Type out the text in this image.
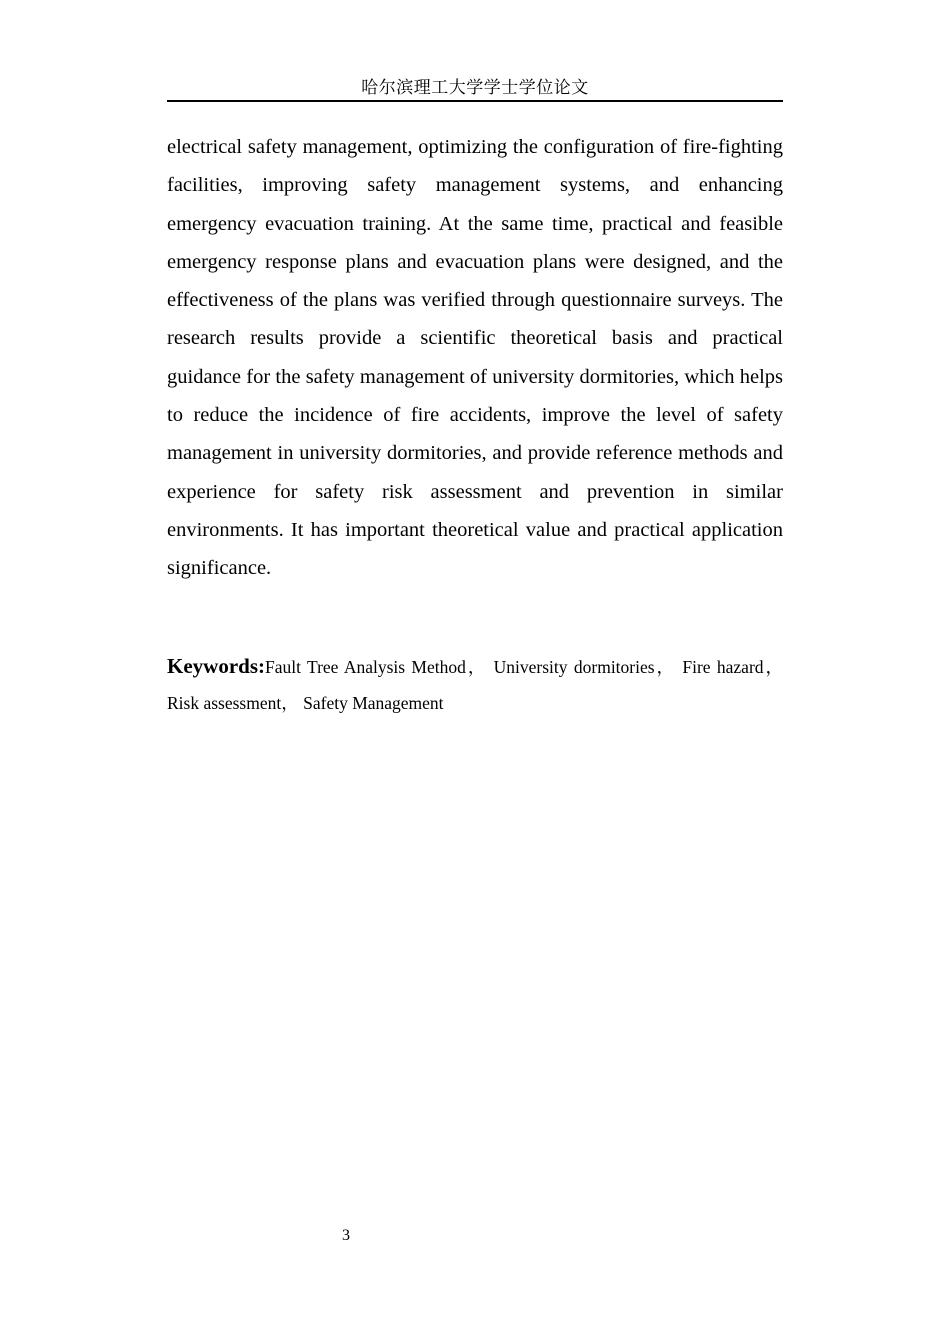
哈尔滨理工大学学士学位论文

electrical safety management, optimizing the configuration of fire-fighting facilities, improving safety management systems, and enhancing emergency evacuation training. At the same time, practical and feasible emergency response plans and evacuation plans were designed, and the effectiveness of the plans was verified through questionnaire surveys. The research results provide a scientific theoretical basis and practical guidance for the safety management of university dormitories, which helps to reduce the incidence of fire accidents, improve the level of safety management in university dormitories, and provide reference methods and experience for safety risk assessment and prevention in similar environments. It has important theoretical value and practical application significance.

Keywords:Fault Tree Analysis Method， University dormitories， Fire hazard，Risk assessment， Safety Management

3
